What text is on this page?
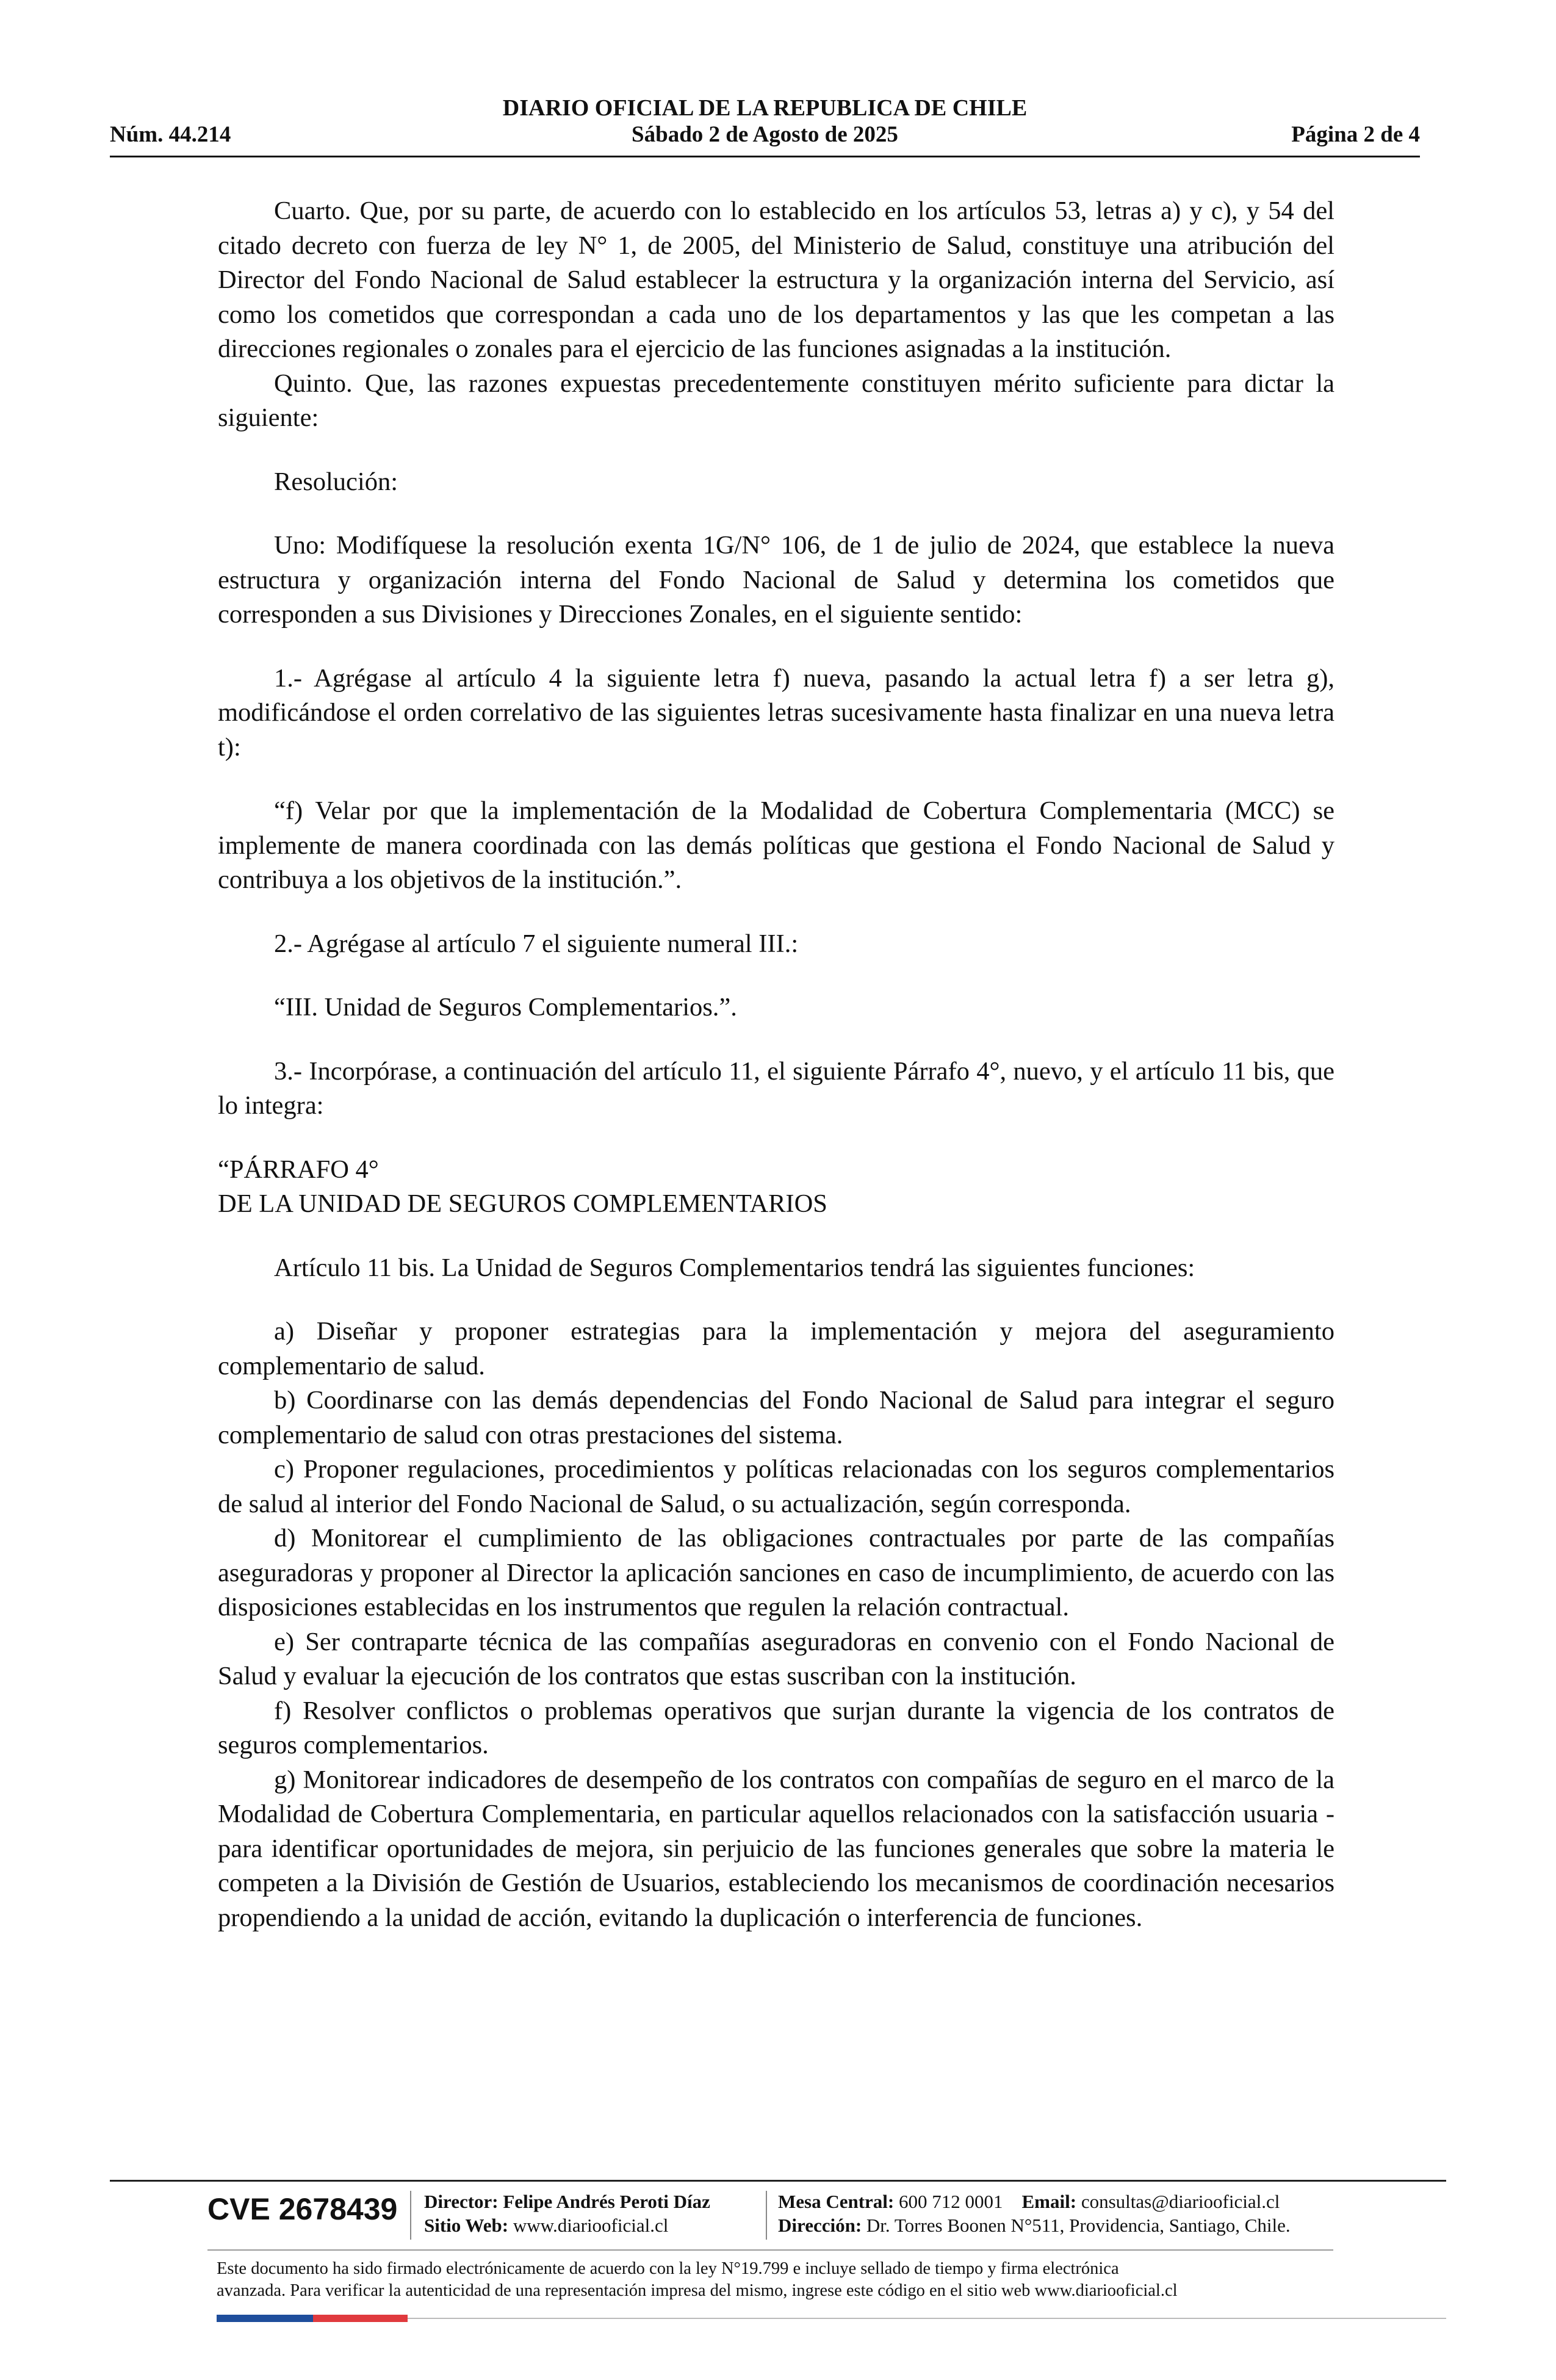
DIARIO OFICIAL DE LA REPUBLICA DE CHILE
Núm. 44.214	Sábado 2 de Agosto de 2025	Página 2 de 4

Cuarto. Que, por su parte, de acuerdo con lo establecido en los artículos 53, letras a) y c), y 54 del citado decreto con fuerza de ley N° 1, de 2005, del Ministerio de Salud, constituye una atribución del Director del Fondo Nacional de Salud establecer la estructura y la organización interna del Servicio, así como los cometidos que correspondan a cada uno de los departamentos y las que les competan a las direcciones regionales o zonales para el ejercicio de las funciones asignadas a la institución.

Quinto. Que, las razones expuestas precedentemente constituyen mérito suficiente para dictar la siguiente:

Resolución:

Uno: Modifíquese la resolución exenta 1G/N° 106, de 1 de julio de 2024, que establece la nueva estructura y organización interna del Fondo Nacional de Salud y determina los cometidos que corresponden a sus Divisiones y Direcciones Zonales, en el siguiente sentido:

1.- Agrégase al artículo 4 la siguiente letra f) nueva, pasando la actual letra f) a ser letra g), modificándose el orden correlativo de las siguientes letras sucesivamente hasta finalizar en una nueva letra t):

“f) Velar por que la implementación de la Modalidad de Cobertura Complementaria (MCC) se implemente de manera coordinada con las demás políticas que gestiona el Fondo Nacional de Salud y contribuya a los objetivos de la institución.”.

2.- Agrégase al artículo 7 el siguiente numeral III.:

“III. Unidad de Seguros Complementarios.”.

3.- Incorpórase, a continuación del artículo 11, el siguiente Párrafo 4°, nuevo, y el artículo 11 bis, que lo integra:

“PÁRRAFO 4°

DE LA UNIDAD DE SEGUROS COMPLEMENTARIOS

Artículo 11 bis. La Unidad de Seguros Complementarios tendrá las siguientes funciones:

a) Diseñar y proponer estrategias para la implementación y mejora del aseguramiento complementario de salud.

b) Coordinarse con las demás dependencias del Fondo Nacional de Salud para integrar el seguro complementario de salud con otras prestaciones del sistema.

c) Proponer regulaciones, procedimientos y políticas relacionadas con los seguros complementarios de salud al interior del Fondo Nacional de Salud, o su actualización, según corresponda.

d) Monitorear el cumplimiento de las obligaciones contractuales por parte de las compañías aseguradoras y proponer al Director la aplicación sanciones en caso de incumplimiento, de acuerdo con las disposiciones establecidas en los instrumentos que regulen la relación contractual.

e) Ser contraparte técnica de las compañías aseguradoras en convenio con el Fondo Nacional de Salud y evaluar la ejecución de los contratos que estas suscriban con la institución.

f) Resolver conflictos o problemas operativos que surjan durante la vigencia de los contratos de seguros complementarios.

g) Monitorear indicadores de desempeño de los contratos con compañías de seguro en el marco de la Modalidad de Cobertura Complementaria, en particular aquellos relacionados con la satisfacción usuaria - para identificar oportunidades de mejora, sin perjuicio de las funciones generales que sobre la materia le competen a la División de Gestión de Usuarios, estableciendo los mecanismos de coordinación necesarios propendiendo a la unidad de acción, evitando la duplicación o interferencia de funciones.

CVE 2678439 Director: Felipe Andrés Peroti Díaz
Sitio Web: www.diariooficial.cl
Mesa Central: 600 712 0001 Email: consultas@diariooficial.cl
Dirección: Dr. Torres Boonen N°511, Providencia, Santiago, Chile.
Este documento ha sido firmado electrónicamente de acuerdo con la ley N°19.799 e incluye sellado de tiempo y firma electrónica
avanzada. Para verificar la autenticidad de una representación impresa del mismo, ingrese este código en el sitio web www.diariooficial.cl
